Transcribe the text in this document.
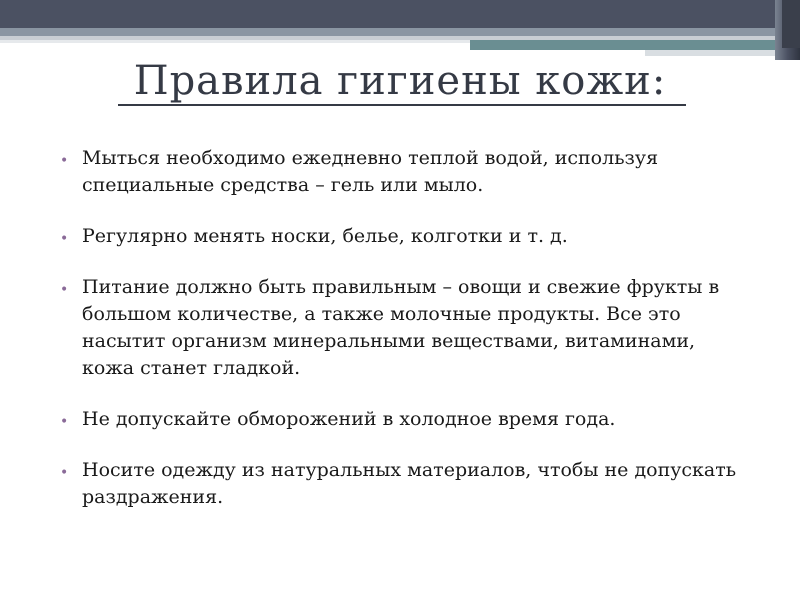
Правила гигиены кожи:
• Мыться необходимо ежедневно теплой водой, используя специальные средства – гель или мыло.
• Регулярно менять носки, белье, колготки и т. д.
• Питание должно быть правильным – овощи и свежие фрукты в большом количестве, а также молочные продукты. Все это насытит организм минеральными веществами, витаминами, кожа станет гладкой.
• Не допускайте обморожений в холодное время года.
• Носите одежду из натуральных материалов, чтобы не допускать раздражения.
